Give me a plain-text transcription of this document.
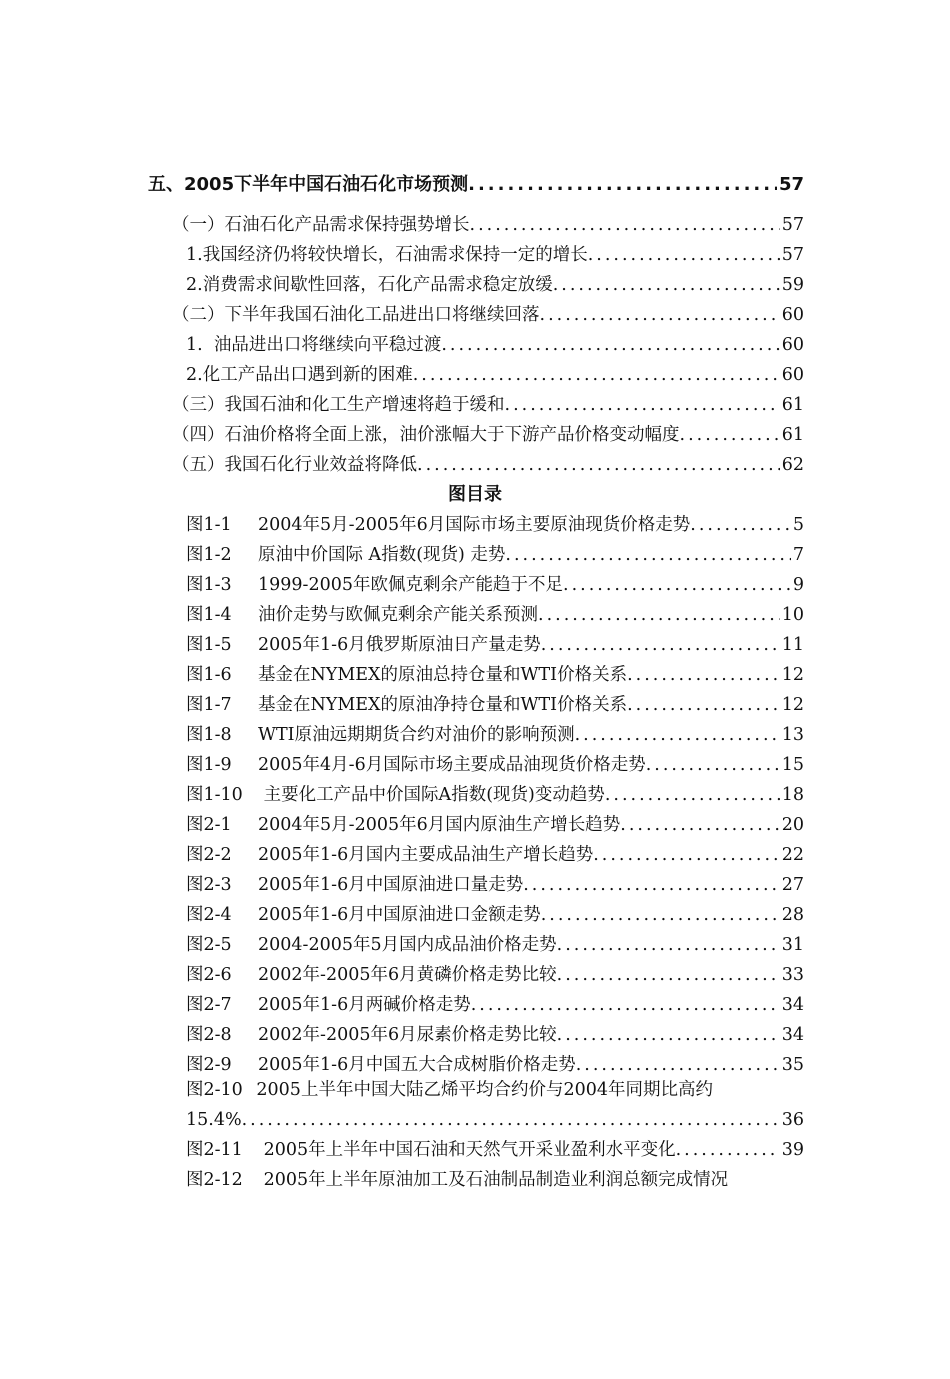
五、2005下半年中国石油石化市场预测 .....	57
（一）石油石化产品需求保持强势增长 .....	57
1.我国经济仍将较快增长，石油需求保持一定的增长 .....	57
2.消费需求间歇性回落，石化产品需求稳定放缓 .....	59
（二）下半年我国石油化工品进出口将继续回落 .....	60
1.  油品进出口将继续向平稳过渡 .....	60
2.化工产品出口遇到新的困难 .....	60
（三）我国石油和化工生产增速将趋于缓和 .....	61
（四）石油价格将全面上涨，油价涨幅大于下游产品价格变动幅度 .....	61
（五）我国石化行业效益将降低 .....	62
图目录
图1-1	2004年5月-2005年6月国际市场主要原油现货价格走势 .....	5
图1-2	原油中价国际 A指数(现货) 走势 .....	7
图1-3	1999-2005年欧佩克剩余产能趋于不足 .....	9
图1-4	油价走势与欧佩克剩余产能关系预测 .....	10
图1-5	2005年1-6月俄罗斯原油日产量走势 .....	11
图1-6	基金在NYMEX的原油总持仓量和WTI价格关系 .....	12
图1-7	基金在NYMEX的原油净持仓量和WTI价格关系 .....	12
图1-8	WTI原油远期期货合约对油价的影响预测 .....	13
图1-9	2005年4月-6月国际市场主要成品油现货价格走势 .....	15
图1-10 主要化工产品中价国际A指数(现货)变动趋势 .....	18
图2-1	2004年5月-2005年6月国内原油生产增长趋势 .....	20
图2-2	2005年1-6月国内主要成品油生产增长趋势 .....	22
图2-3	2005年1-6月中国原油进口量走势 .....	27
图2-4	2005年1-6月中国原油进口金额走势 .....	28
图2-5	2004-2005年5月国内成品油价格走势 .....	31
图2-6	2002年-2005年6月黄磷价格走势比较 .....	33
图2-7	2005年1-6月两碱价格走势 .....	34
图2-8	2002年-2005年6月尿素价格走势比较 .....	34
图2-9	2005年1-6月中国五大合成树脂价格走势 .....	35
图2-10 2005上半年中国大陆乙烯平均合约价与2004年同期比高约
15.4% .....	36
图2-11 2005年上半年中国石油和天然气开采业盈利水平变化 .....	39
图2-12 2005年上半年原油加工及石油制品制造业利润总额完成情况
